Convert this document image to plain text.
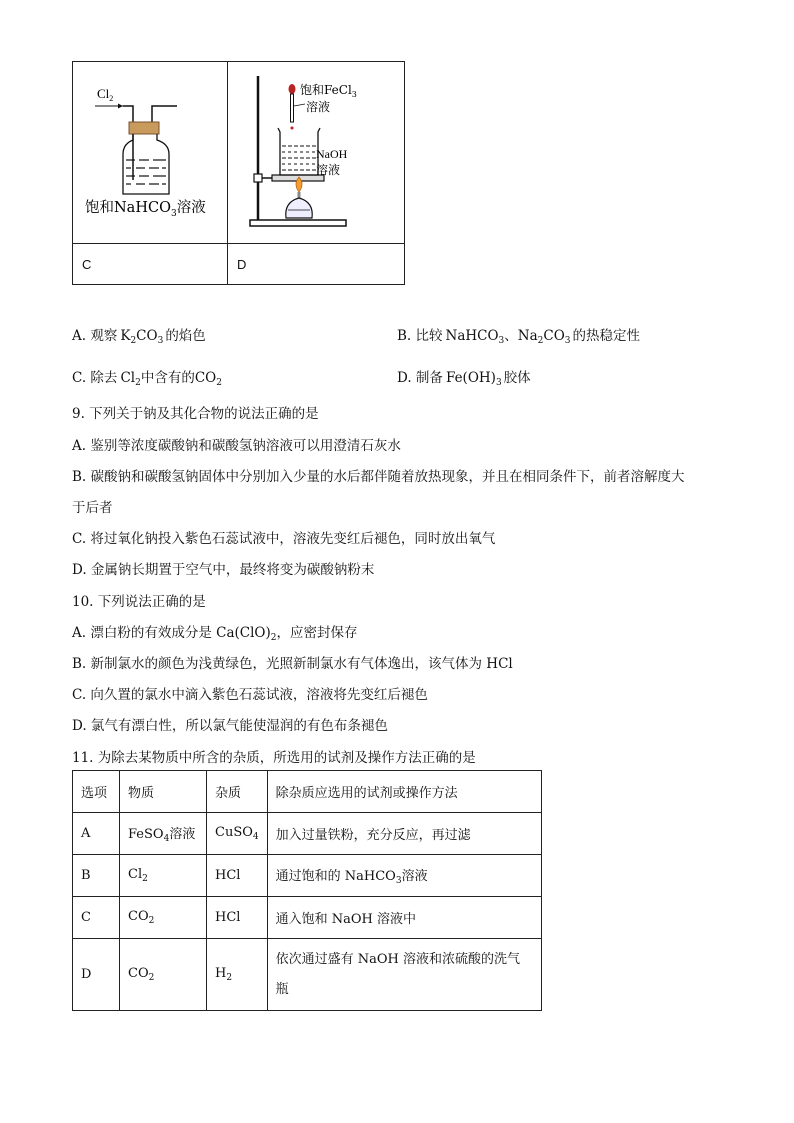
$Cl_2$
饱和NaHCO$_3$溶液	饱和FeCl$_3$
溶液
NaOH
溶液

C	D
A. 观察 $K_2CO_3$ 的焰色	B. 比较 NaHCO$_3$、$Na_2CO_3$ 的热稳定性
C. 除去 $Cl_2$中含有的$CO_2$	D. 制备 $Fe(OH)_3$ 胶体
9. 下列关于钠及其化合物的说法正确的是
A. 鉴别等浓度碳酸钠和碳酸氢钠溶液可以用澄清石灰水
B. 碳酸钠和碳酸氢钠固体中分别加入少量的水后都伴随着放热现象，并且在相同条件下，前者溶解度大
于后者
C. 将过氧化钠投入紫色石蕊试液中，溶液先变红后褪色，同时放出氧气
D. 金属钠长期置于空气中，最终将变为碳酸钠粉末
10. 下列说法正确的是
A. 漂白粉的有效成分是 $Ca(ClO)_2$，应密封保存
B. 新制氯水的颜色为浅黄绿色，光照新制氯水有气体逸出，该气体为 HCl
C. 向久置的氯水中滴入紫色石蕊试液，溶液将先变红后褪色
D. 氯气有漂白性，所以氯气能使湿润的有色布条褪色
11. 为除去某物质中所含的杂质，所选用的试剂及操作方法正确的是
选项	物质	杂质	除杂质应选用的试剂或操作方法
A	FeSO$_4$溶液	CuSO$_4$	加入过量铁粉，充分反应，再过滤
B	$Cl_2$	HCl	通过饱和的 NaHCO$_3$溶液
C	$CO_2$	HCl	通入饱和 NaOH 溶液中
D	$CO_2$	$H_2$	依次通过盛有 NaOH 溶液和浓硫酸的洗气
瓶
